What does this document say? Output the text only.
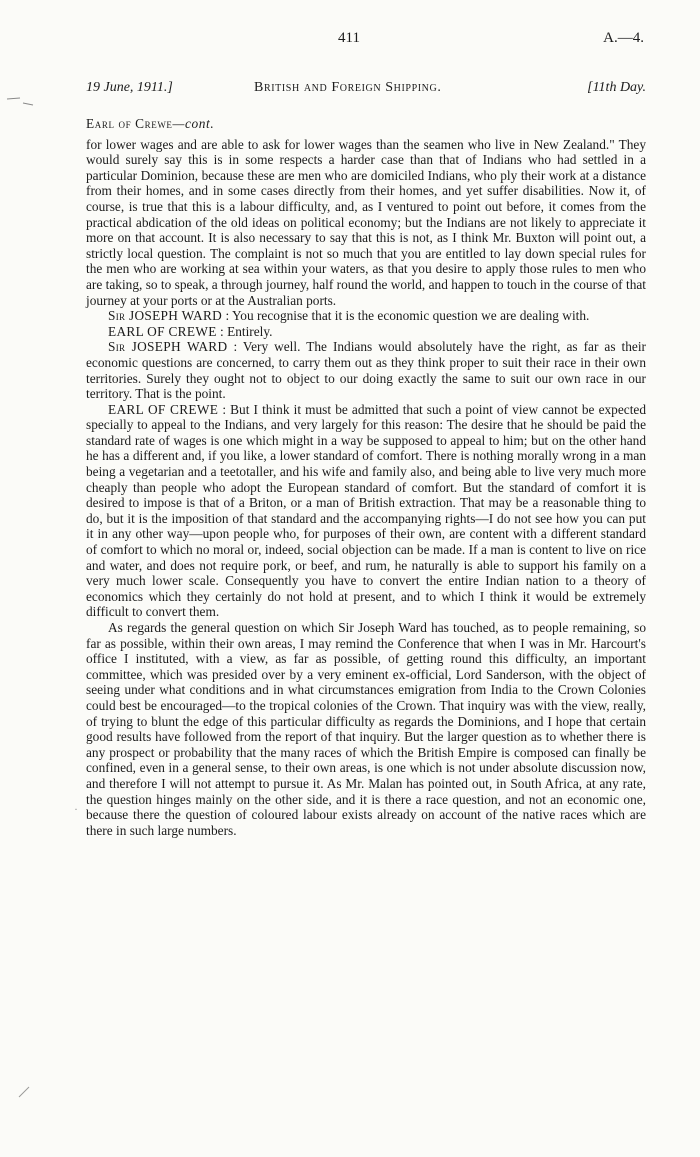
411	A.—4.
19 June, 1911.]	British and Foreign Shipping.	[11th Day.
·

Earl of Crewe—cont.

for lower wages and are able to ask for lower wages than the seamen who live in New Zealand." They would surely say this is in some respects a harder case than that of Indians who had settled in a particular Dominion, because these are men who are domiciled Indians, who ply their work at a distance from their homes, and in some cases directly from their homes, and yet suffer disabilities. Now it, of course, is true that this is a labour difficulty, and, as I ventured to point out before, it comes from the practical abdication of the old ideas on political economy; but the Indians are not likely to appreciate it more on that account. It is also necessary to say that this is not, as I think Mr. Buxton will point out, a strictly local question. The complaint is not so much that you are entitled to lay down special rules for the men who are working at sea within your waters, as that you desire to apply those rules to men who are taking, so to speak, a through journey, half round the world, and happen to touch in the course of that journey at your ports or at the Australian ports.

Sir JOSEPH WARD : You recognise that it is the economic question we are dealing with.

EARL OF CREWE : Entirely.

Sir JOSEPH WARD : Very well. The Indians would absolutely have the right, as far as their economic questions are concerned, to carry them out as they think proper to suit their race in their own territories. Surely they ought not to object to our doing exactly the same to suit our own race in our territory. That is the point.

EARL OF CREWE : But I think it must be admitted that such a point of view cannot be expected specially to appeal to the Indians, and very largely for this reason: The desire that he should be paid the standard rate of wages is one which might in a way be supposed to appeal to him; but on the other hand he has a different and, if you like, a lower standard of comfort. There is nothing morally wrong in a man being a vegetarian and a teetotaller, and his wife and family also, and being able to live very much more cheaply than people who adopt the European standard of comfort. But the standard of comfort it is desired to impose is that of a Briton, or a man of British extraction. That may be a reasonable thing to do, but it is the imposition of that standard and the accompanying rights—I do not see how you can put it in any other way—upon people who, for purposes of their own, are content with a different standard of comfort to which no moral or, indeed, social objection can be made. If a man is content to live on rice and water, and does not require pork, or beef, and rum, he naturally is able to support his family on a very much lower scale. Consequently you have to convert the entire Indian nation to a theory of economics which they certainly do not hold at present, and to which I think it would be extremely difficult to convert them.

As regards the general question on which Sir Joseph Ward has touched, as to people remaining, so far as possible, within their own areas, I may remind the Conference that when I was in Mr. Harcourt's office I instituted, with a view, as far as possible, of getting round this difficulty, an important committee, which was presided over by a very eminent ex-official, Lord Sanderson, with the object of seeing under what conditions and in what circumstances emigration from India to the Crown Colonies could best be encouraged—to the tropical colonies of the Crown. That inquiry was with the view, really, of trying to blunt the edge of this particular difficulty as regards the Dominions, and I hope that certain good results have followed from the report of that inquiry. But the larger question as to whether there is any prospect or probability that the many races of which the British Empire is composed can finally be confined, even in a general sense, to their own areas, is one which is not under absolute discussion now, and therefore I will not attempt to pursue it. As Mr. Malan has pointed out, in South Africa, at any rate, the question hinges mainly on the other side, and it is there a race question, and not an economic one, because there the question of coloured labour exists already on account of the native races which are there in such large numbers.
